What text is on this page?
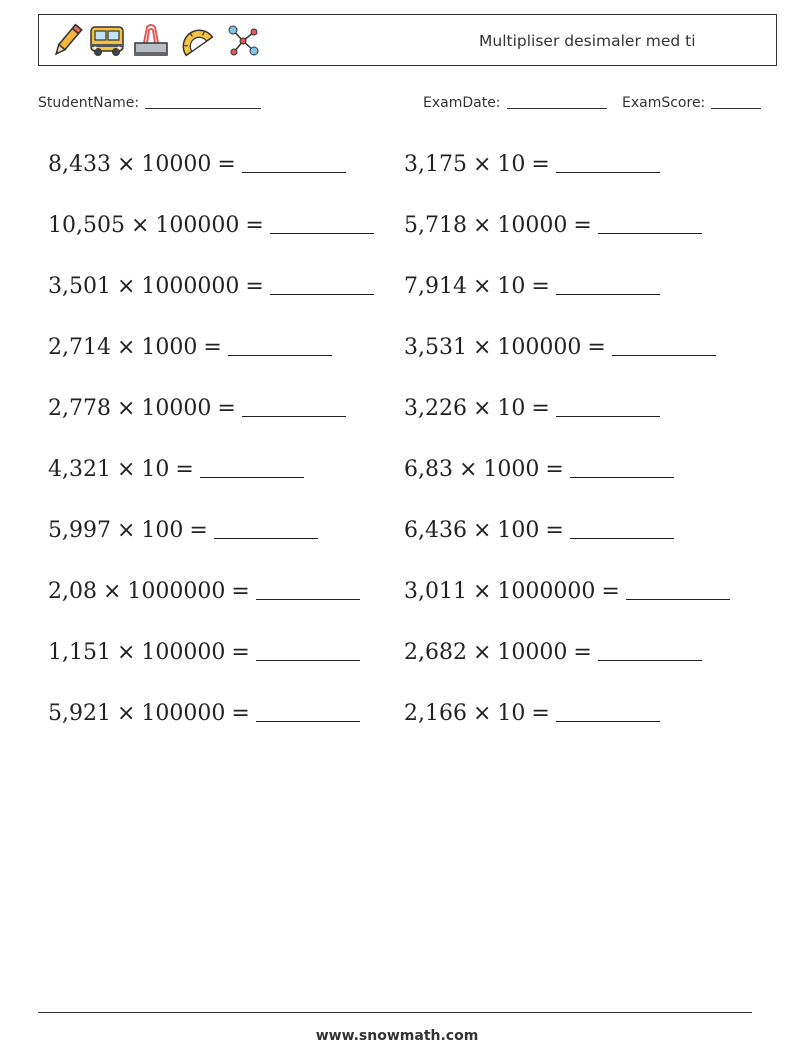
Multipliser desimaler med ti
StudentName:	ExamDate:	ExamScore:
8,433 × 10000 =	3,175 × 10 =
10,505 × 100000 =	5,718 × 10000 =
3,501 × 1000000 =	7,914 × 10 =
2,714 × 1000 =	3,531 × 100000 =
2,778 × 10000 =	3,226 × 10 =
4,321 × 10 =	6,83 × 1000 =
5,997 × 100 =	6,436 × 100 =
2,08 × 1000000 =	3,011 × 1000000 =
1,151 × 100000 =	2,682 × 10000 =
5,921 × 100000 =	2,166 × 10 =
www.snowmath.com
